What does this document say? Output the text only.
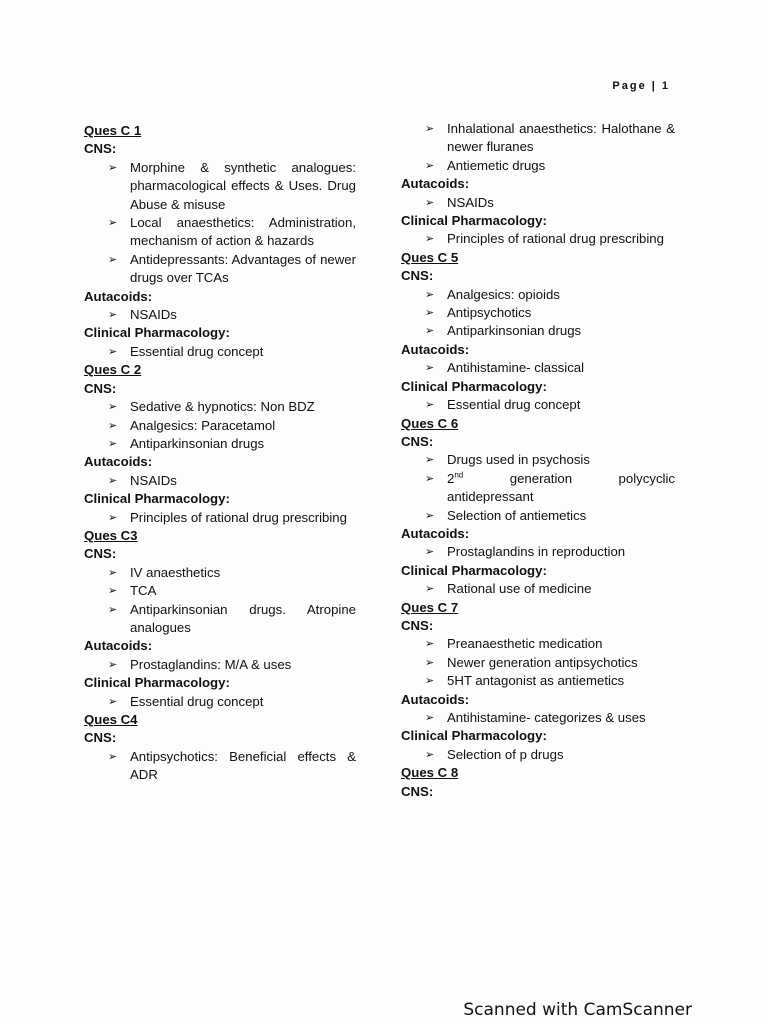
Page | 1
Ques C 1
CNS:
➢ Morphine & synthetic analogues: pharmacological effects & Uses. Drug Abuse & misuse
➢ Local anaesthetics: Administration, mechanism of action & hazards
➢ Antidepressants: Advantages of newer drugs over TCAs
Autacoids:
➢ NSAIDs
Clinical Pharmacology:
➢ Essential drug concept
Ques C 2
CNS:
➢ Sedative & hypnotics: Non BDZ
➢ Analgesics: Paracetamol
➢ Antiparkinsonian drugs
Autacoids:
➢ NSAIDs
Clinical Pharmacology:
➢ Principles of rational drug prescribing
Ques C3
CNS:
➢ IV anaesthetics
➢ TCA
➢ Antiparkinsonian drugs. Atropine analogues
Autacoids:
➢ Prostaglandins: M/A & uses
Clinical Pharmacology:
➢ Essential drug concept
Ques C4
CNS:
➢ Antipsychotics: Beneficial effects & ADR
➢ Inhalational anaesthetics: Halothane & newer fluranes
➢ Antiemetic drugs
Autacoids:
➢ NSAIDs
Clinical Pharmacology:
➢ Principles of rational drug prescribing
Ques C 5
CNS:
➢ Analgesics: opioids
➢ Antipsychotics
➢ Antiparkinsonian drugs
Autacoids:
➢ Antihistamine- classical
Clinical Pharmacology:
➢ Essential drug concept
Ques C 6
CNS:
➢ Drugs used in psychosis
➢ 2nd generation polycyclic antidepressant
➢ Selection of antiemetics
Autacoids:
➢ Prostaglandins in reproduction
Clinical Pharmacology:
➢ Rational use of medicine
Ques C 7
CNS:
➢ Preanaesthetic medication
➢ Newer generation antipsychotics
➢ 5HT antagonist as antiemetics
Autacoids:
➢ Antihistamine- categorizes & uses
Clinical Pharmacology:
➢ Selection of p drugs
Ques C 8
CNS:
Scanned with CamScanner
